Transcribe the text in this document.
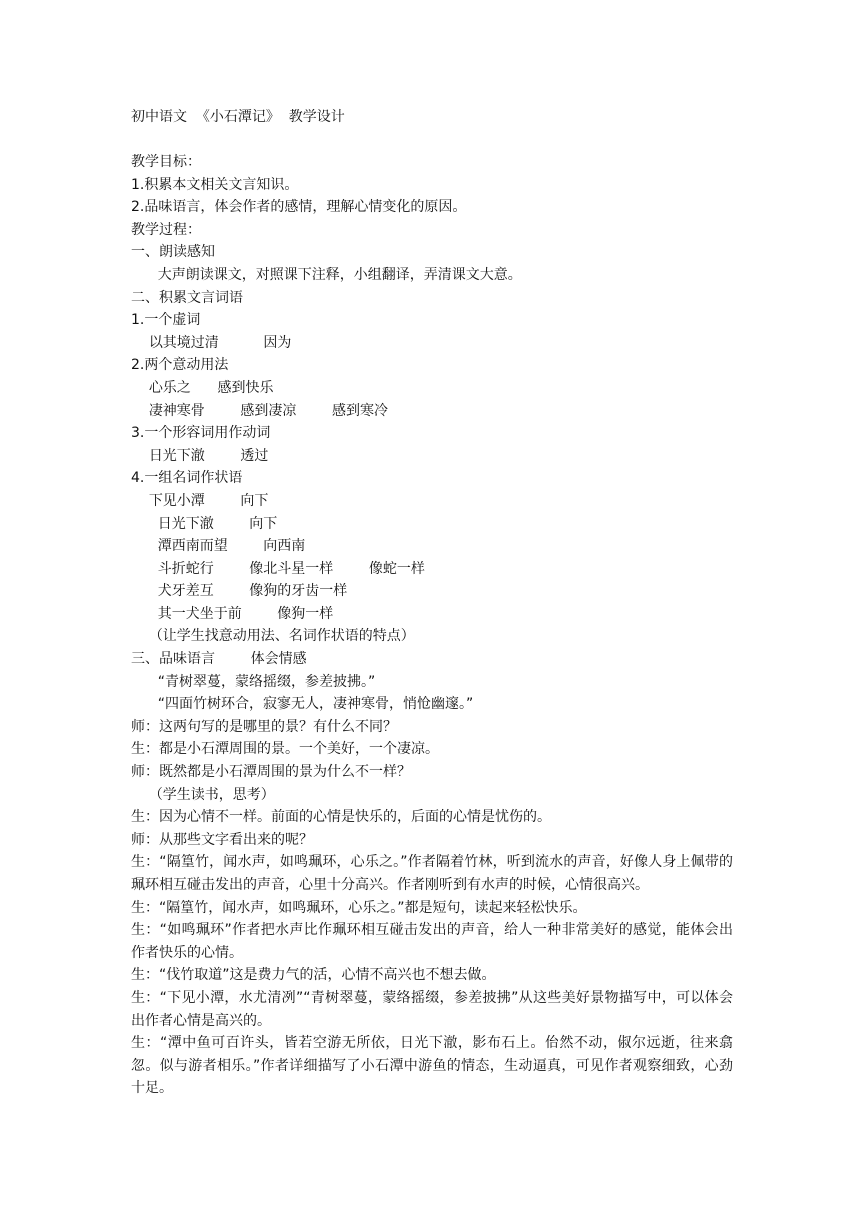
初中语文  《小石潭记》  教学设计

教学目标：

1.积累本文相关文言知识。

2.品味语言，体会作者的感情，理解心情变化的原因。

教学过程：

一、朗读感知

大声朗读课文，对照课下注释，小组翻译，弄清课文大意。

二、积累文言词语

1.一个虚词

以其境过清          因为

2.两个意动用法

心乐之      感到快乐

凄神寒骨        感到凄凉        感到寒冷

3.一个形容词用作动词

日光下澈        透过

4.一组名词作状语

下见小潭        向下

日光下澈        向下

潭西南而望        向西南

斗折蛇行        像北斗星一样        像蛇一样

犬牙差互        像狗的牙齿一样

其一犬坐于前        像狗一样

（让学生找意动用法、名词作状语的特点）

三、品味语言        体会情感

“青树翠蔓，蒙络摇缀，参差披拂。”

“四面竹树环合，寂寥无人，凄神寒骨，悄怆幽邃。”

师：这两句写的是哪里的景？有什么不同？

生：都是小石潭周围的景。一个美好，一个凄凉。

师：既然都是小石潭周围的景为什么不一样？

（学生读书，思考）

生：因为心情不一样。前面的心情是快乐的，后面的心情是忧伤的。

师：从那些文字看出来的呢？

生：“隔篁竹，闻水声，如鸣珮环，心乐之。”作者隔着竹林，听到流水的声音，好像人身上佩带的珮环相互碰击发出的声音，心里十分高兴。作者刚听到有水声的时候，心情很高兴。

生：“隔篁竹，闻水声，如鸣珮环，心乐之。”都是短句，读起来轻松快乐。

生：“如鸣珮环”作者把水声比作珮环相互碰击发出的声音，给人一种非常美好的感觉，能体会出作者快乐的心情。

生：“伐竹取道”这是费力气的活，心情不高兴也不想去做。

生：“下见小潭，水尤清冽”“青树翠蔓，蒙络摇缀，参差披拂”从这些美好景物描写中，可以体会出作者心情是高兴的。

生：“潭中鱼可百许头，皆若空游无所依，日光下澈，影布石上。佁然不动，俶尔远逝，往来翕忽。似与游者相乐。”作者详细描写了小石潭中游鱼的情态，生动逼真，可见作者观察细致，心劲十足。
